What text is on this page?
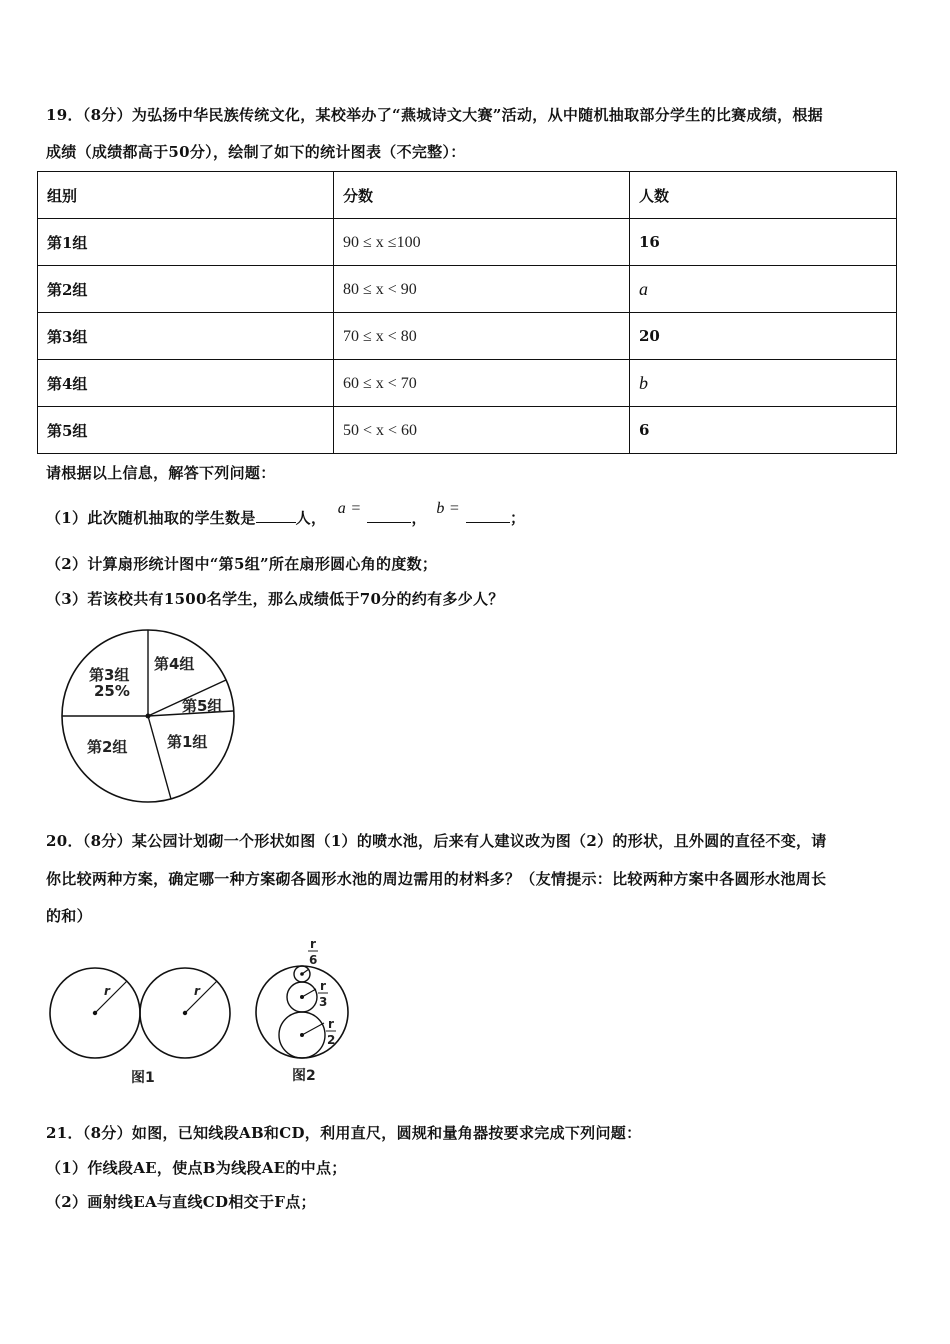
19．（8分）为弘扬中华民族传统文化，某校举办了“燕城诗文大赛”活动，从中随机抽取部分学生的比赛成绩，根据
成绩（成绩都高于50分），绘制了如下的统计图表（不完整）：
组别	分数	人数
第1组	90 ≤ x ≤100	16
第2组	80 ≤ x < 90	a
第3组	70 ≤ x < 80	20
第4组	60 ≤ x < 70	b
第5组	50 < x < 60	6
请根据以上信息，解答下列问题：
（1）此次随机抽取的学生数是	人， a =， b =；
（2）计算扇形统计图中“第5组”所在扇形圆心角的度数；
（3）若该校共有1500名学生，那么成绩低于70分的约有多少人？
第3组
25%
第4组
第5组
第2组	第1组
20．（8分）某公园计划砌一个形状如图（1）的喷水池，后来有人建议改为图（2）的形状，且外圆的直径不变，请
你比较两种方案，确定哪一种方案砌各圆形水池的周边需用的材料多？（友情提示：比较两种方案中各圆形水池周长
的和）
r	r
图1
r
6
r
3
r
2
图2
21．（8分）如图，已知线段AB和CD，利用直尺，圆规和量角器按要求完成下列问题：
（1）作线段AE，使点B为线段AE的中点；
（2）画射线EA与直线CD相交于F点；
